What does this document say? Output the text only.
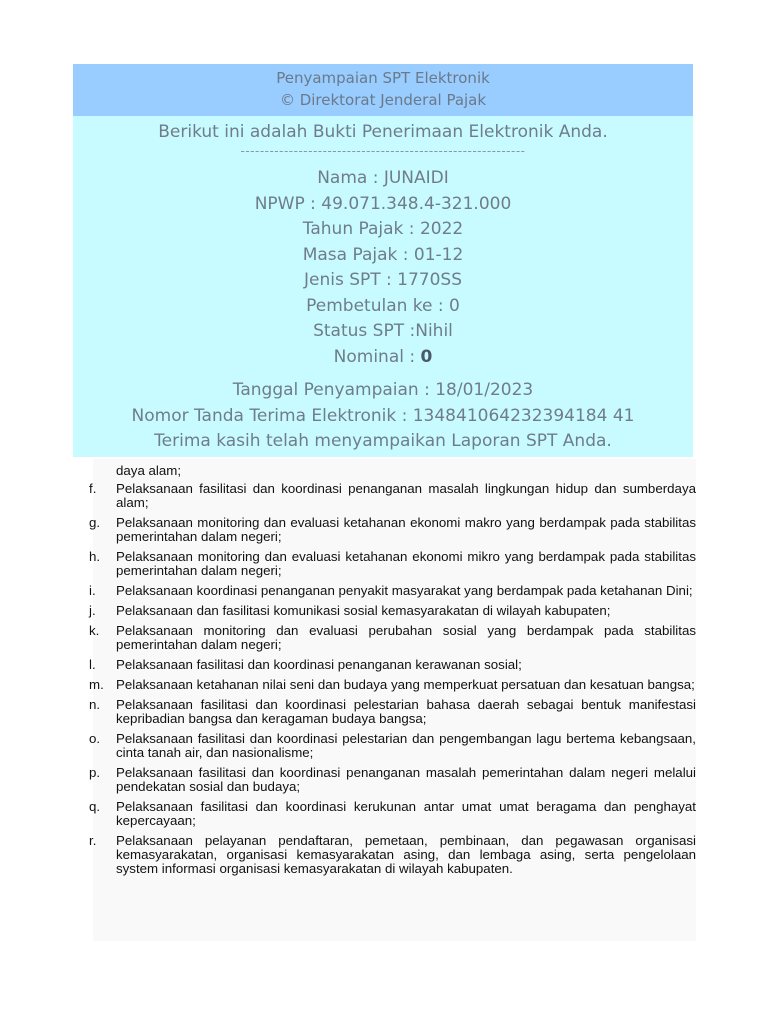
Penyampaian SPT Elektronik
© Direktorat Jenderal Pajak
Berikut ini adalah Bukti Penerimaan Elektronik Anda.
-----------------------------------------------------------
Nama : JUNAIDI
NPWP : 49.071.348.4-321.000
Tahun Pajak : 2022
Masa Pajak : 01-12
Jenis SPT : 1770SS
Pembetulan ke : 0
Status SPT :Nihil
Nominal : 0
Tanggal Penyampaian : 18/01/2023
Nomor Tanda Terima Elektronik : 134841064232394184 41
Terima kasih telah menyampaikan Laporan SPT Anda.
daya alam;
f. Pelaksanaan fasilitasi dan koordinasi penanganan masalah lingkungan hidup dan sumberdaya alam;
g. Pelaksanaan monitoring dan evaluasi ketahanan ekonomi makro yang berdampak pada stabilitas pemerintahan dalam negeri;
h. Pelaksanaan monitoring dan evaluasi ketahanan ekonomi mikro yang berdampak pada stabilitas pemerintahan dalam negeri;
i. Pelaksanaan koordinasi penanganan penyakit masyarakat yang berdampak pada ketahanan Dini;
j. Pelaksanaan dan fasilitasi komunikasi sosial kemasyarakatan di wilayah kabupaten;
k. Pelaksanaan monitoring dan evaluasi perubahan sosial yang berdampak pada stabilitas pemerintahan dalam negeri;
l. Pelaksanaan fasilitasi dan koordinasi penanganan kerawanan sosial;
m. Pelaksanaan ketahanan nilai seni dan budaya yang memperkuat persatuan dan kesatuan bangsa;
n. Pelaksanaan fasilitasi dan koordinasi pelestarian bahasa daerah sebagai bentuk manifestasi kepribadian bangsa dan keragaman budaya bangsa;
o. Pelaksanaan fasilitasi dan koordinasi pelestarian dan pengembangan lagu bertema kebangsaan, cinta tanah air, dan nasionalisme;
p. Pelaksanaan fasilitasi dan koordinasi penanganan masalah pemerintahan dalam negeri melalui pendekatan sosial dan budaya;
q. Pelaksanaan fasilitasi dan koordinasi kerukunan antar umat umat beragama dan penghayat kepercayaan;
r. Pelaksanaan pelayanan pendaftaran, pemetaan, pembinaan, dan pegawasan organisasi kemasyarakatan, organisasi kemasyarakatan asing, dan lembaga asing, serta pengelolaan system informasi organisasi kemasyarakatan di wilayah kabupaten.
